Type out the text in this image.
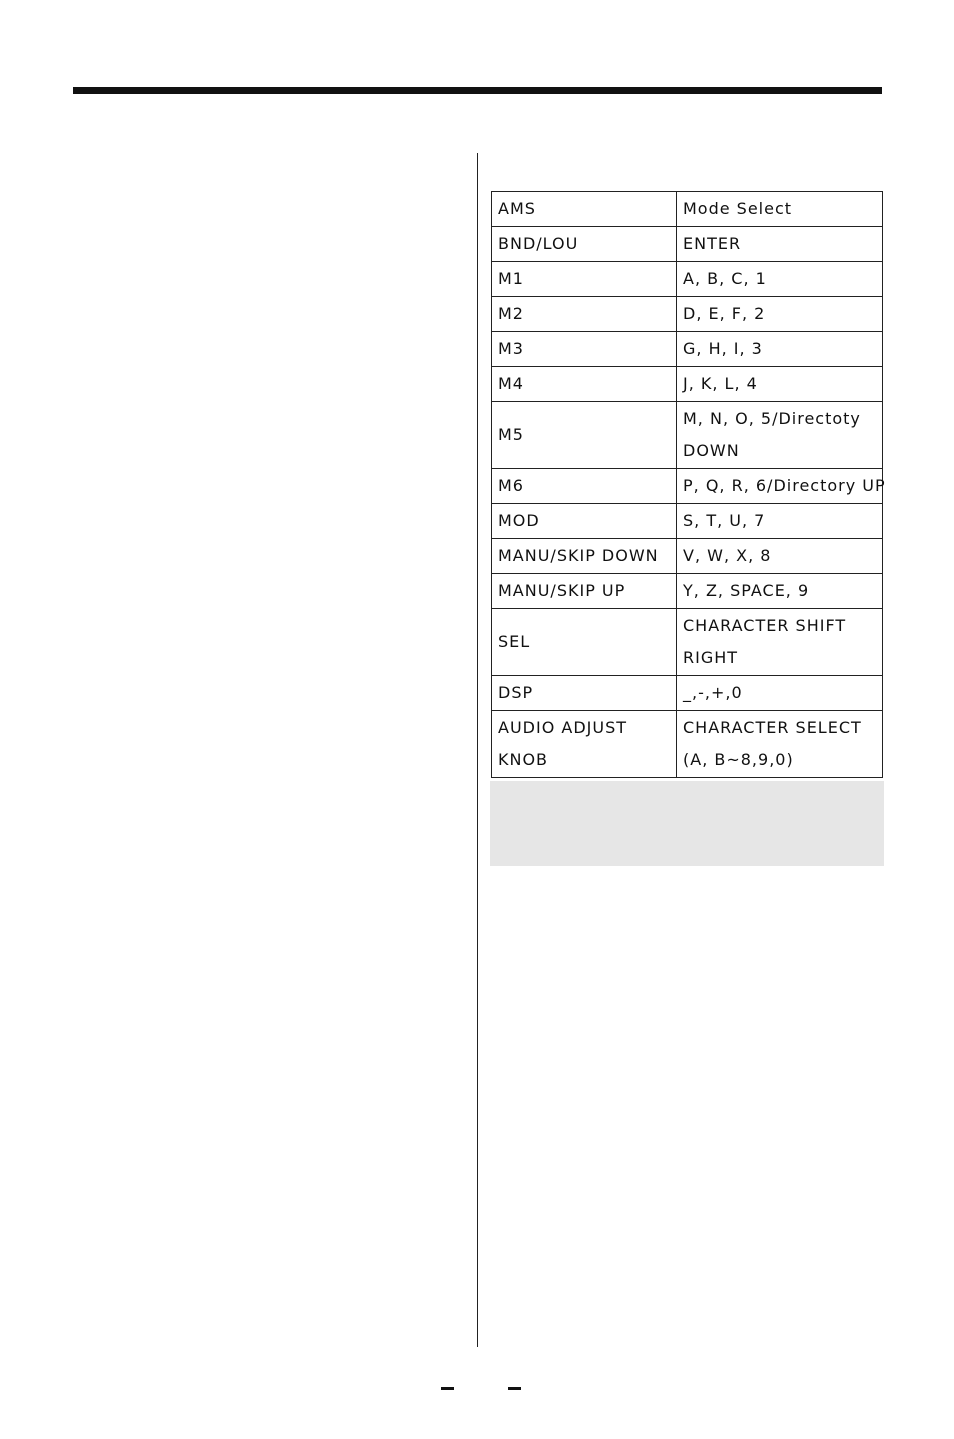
AMS	Mode Select
BND/LOU	ENTER
M1	A, B, C, 1
M2	D, E, F, 2
M3	G, H, I, 3
M4	J, K, L, 4
M5	M, N, O, 5/Directoty DOWN
M6	P, Q, R, 6/Directory UP
MOD	S, T, U, 7
MANU/SKIP DOWN	V, W, X, 8
MANU/SKIP UP	Y, Z, SPACE, 9
SEL	CHARACTER SHIFT RIGHT
DSP	_,-,+,0
AUDIO ADJUST KNOB	CHARACTER SELECT (A, B~8,9,0)
